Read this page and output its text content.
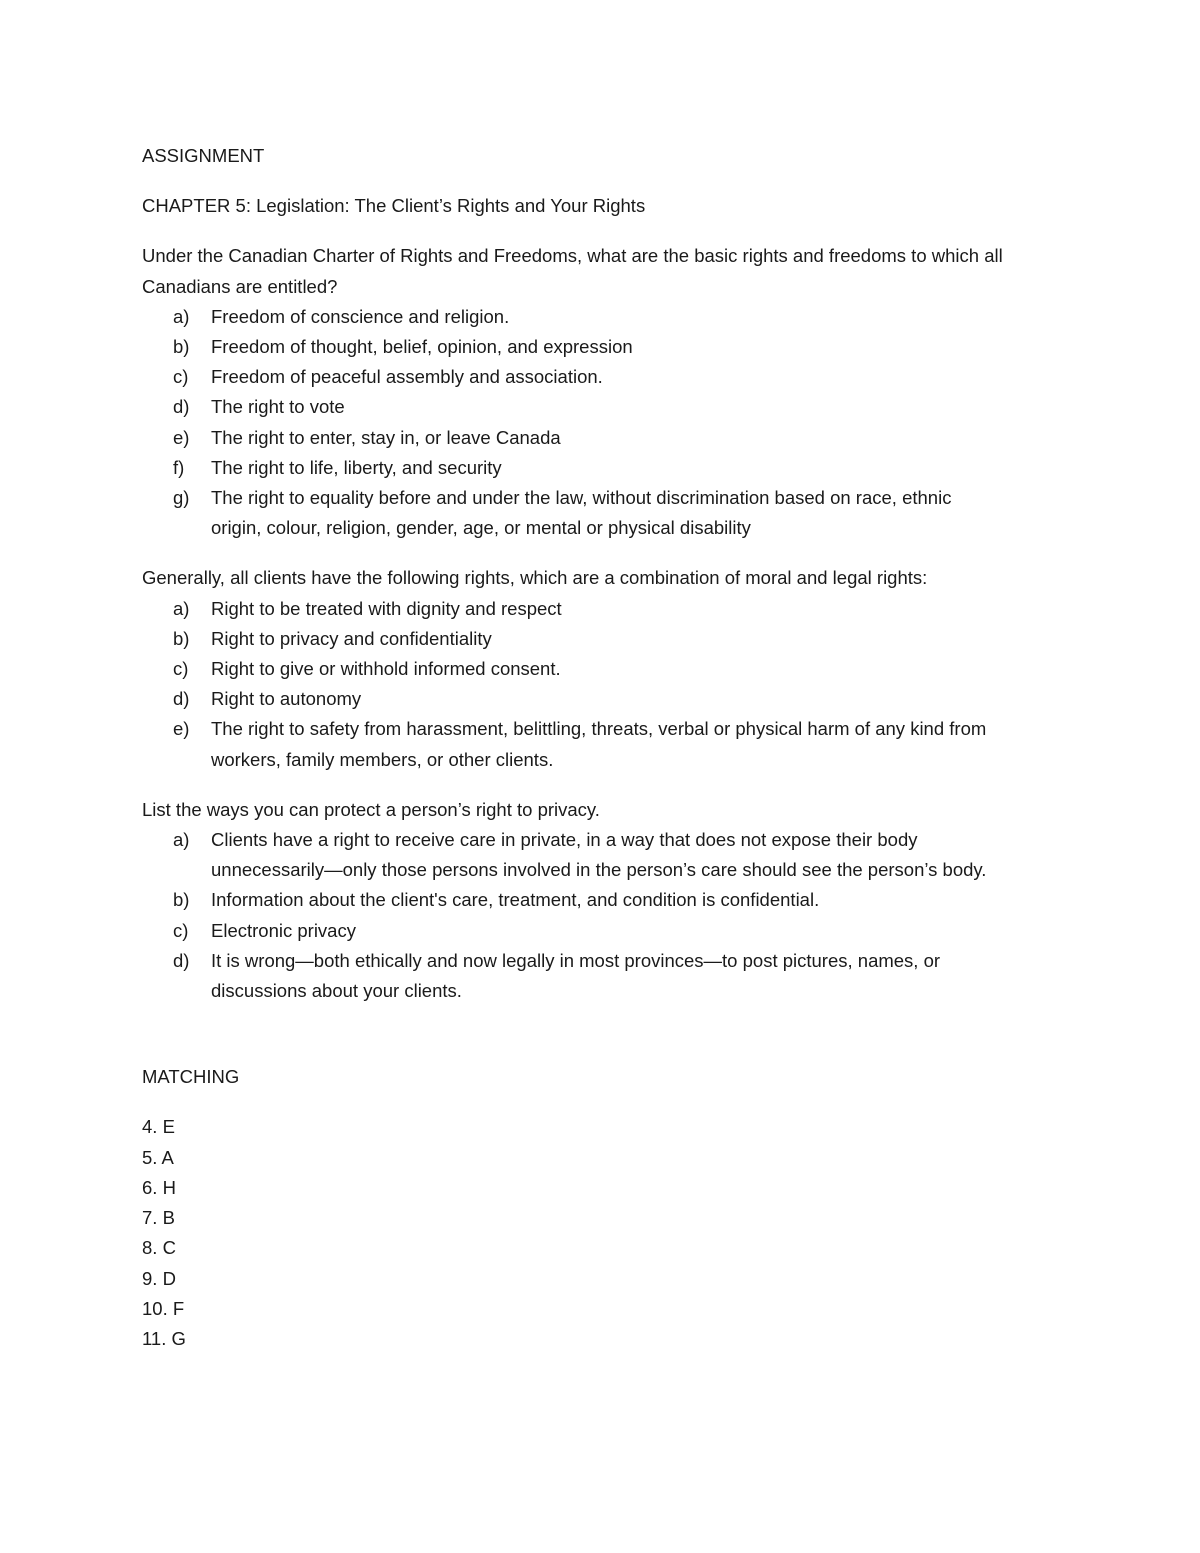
ASSIGNMENT

CHAPTER 5: Legislation: The Client’s Rights and Your Rights

Under the Canadian Charter of Rights and Freedoms, what are the basic rights and freedoms to which all

Canadians are entitled?

a) Freedom of conscience and religion.
b) Freedom of thought, belief, opinion, and expression
c) Freedom of peaceful assembly and association.
d) The right to vote
e) The right to enter, stay in, or leave Canada
f) The right to life, liberty, and security
g) The right to equality before and under the law, without discrimination based on race, ethnic
origin, colour, religion, gender, age, or mental or physical disability

Generally, all clients have the following rights, which are a combination of moral and legal rights:

a) Right to be treated with dignity and respect
b) Right to privacy and confidentiality
c) Right to give or withhold informed consent.
d) Right to autonomy
e) The right to safety from harassment, belittling, threats, verbal or physical harm of any kind from
workers, family members, or other clients.

List the ways you can protect a person’s right to privacy.

a) Clients have a right to receive care in private, in a way that does not expose their body
unnecessarily—only those persons involved in the person’s care should see the person’s body.
b) Information about the client's care, treatment, and condition is confidential.
c) Electronic privacy
d) It is wrong—both ethically and now legally in most provinces—to post pictures, names, or
discussions about your clients.

MATCHING

4. E
5. A
6. H
7. B
8. C
9. D
10. F
11. G
